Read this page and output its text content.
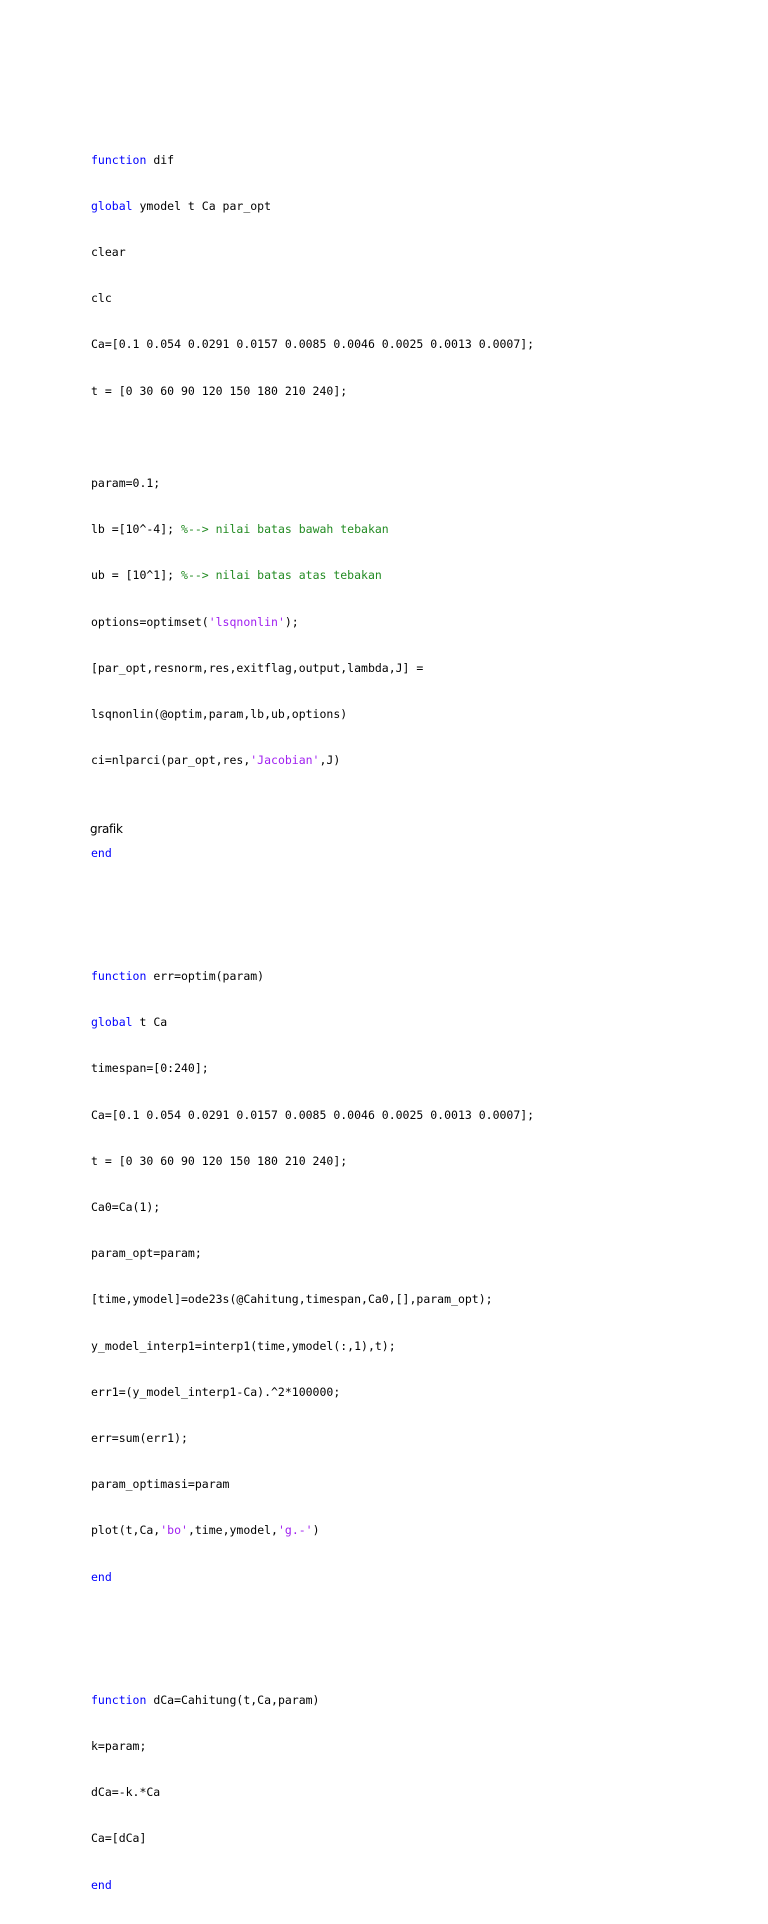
function dif

global ymodel t Ca par_opt

clear

clc

Ca=[0.1 0.054 0.0291 0.0157 0.0085 0.0046 0.0025 0.0013 0.0007];

t = [0 30 60 90 120 150 180 210 240];

param=0.1;

lb =[10^-4]; %--> nilai batas bawah tebakan

ub = [10^1]; %--> nilai batas atas tebakan

options=optimset('lsqnonlin');

[par_opt,resnorm,res,exitflag,output,lambda,J] =

lsqnonlin(@optim,param,lb,ub,options)

ci=nlparci(par_opt,res,'Jacobian',J)

end

function err=optim(param)

global t Ca

timespan=[0:240];

Ca=[0.1 0.054 0.0291 0.0157 0.0085 0.0046 0.0025 0.0013 0.0007];

t = [0 30 60 90 120 150 180 210 240];

Ca0=Ca(1);

param_opt=param;

[time,ymodel]=ode23s(@Cahitung,timespan,Ca0,[],param_opt);

y_model_interp1=interp1(time,ymodel(:,1),t);

err1=(y_model_interp1-Ca).^2*100000;

err=sum(err1);

param_optimasi=param

plot(t,Ca,'bo',time,ymodel,'g.-')

end

function dCa=Cahitung(t,Ca,param)

k=param;

dCa=-k.*Ca

Ca=[dCa]

end

grafik
